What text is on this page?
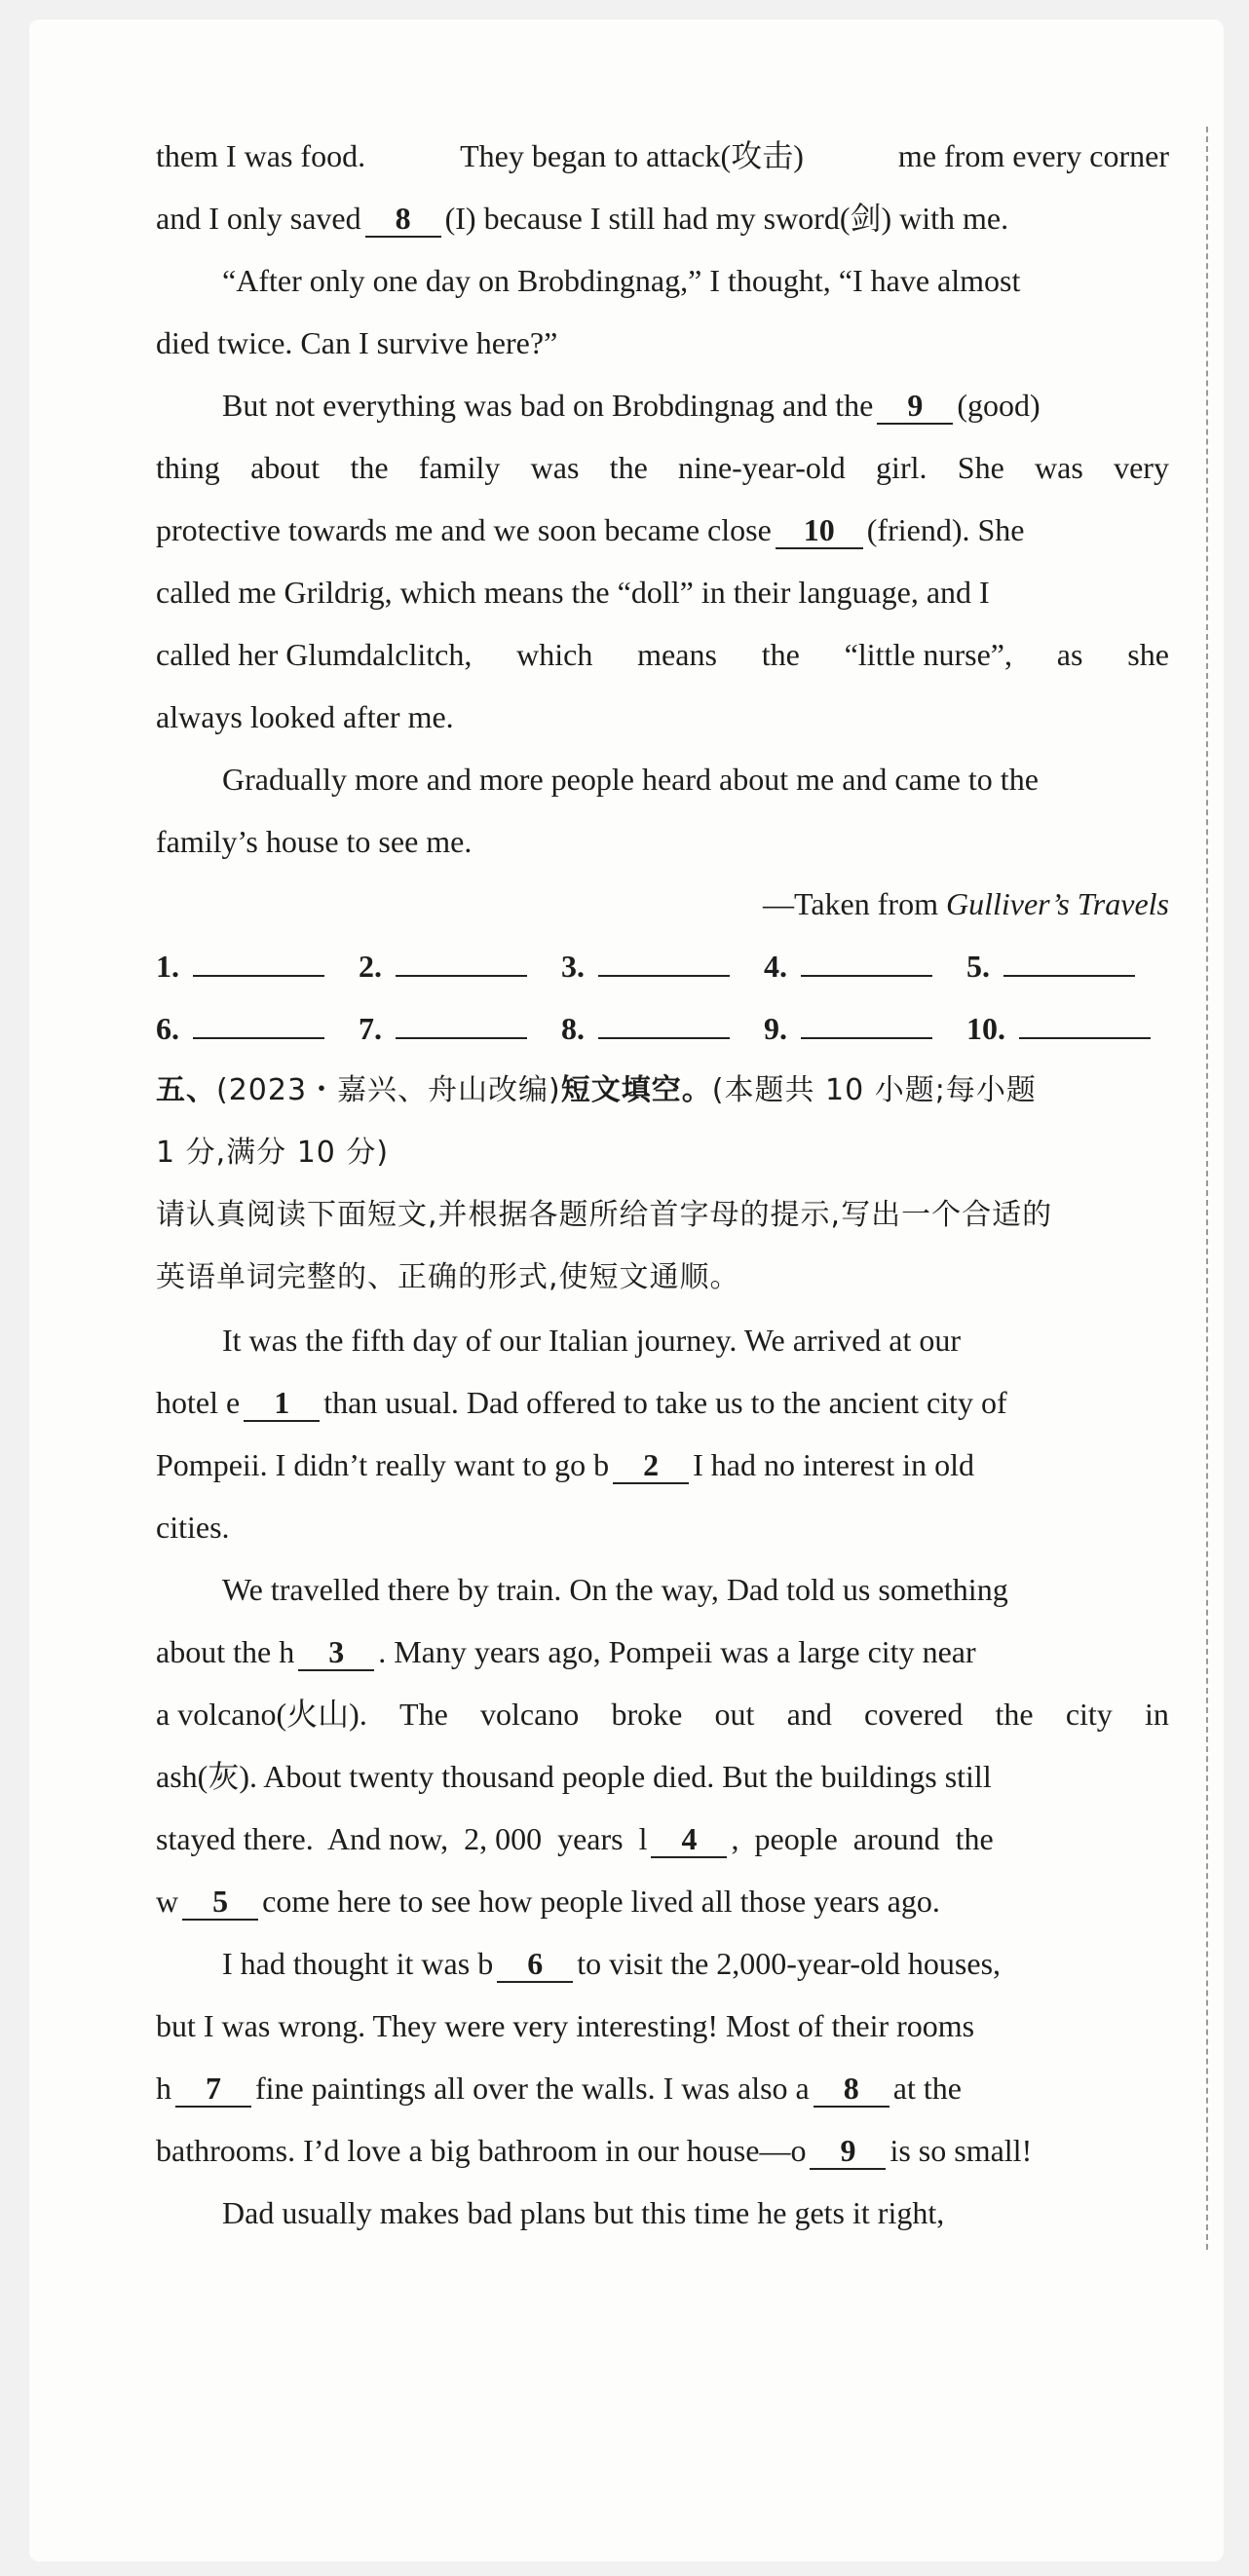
them I was food.	They began to attack(攻击)	me from every corner
and I only saved	8	(I) because I still had my sword(剑) with me.
“After only one day on Brobdingnag,” I thought, “I have almost
died twice. Can I survive here?”
But not everything was bad on Brobdingnag and the	9	(good)
thing about the family was the nine-year-old girl. She was very
protective towards me and we soon became close	10	(friend). She
called me Grildrig, which means the “doll” in their language, and I
called her Glumdalclitch, which means the “little nurse”, as she
always looked after me.
Gradually more and more people heard about me and came to the
family’s house to see me.
—Taken from
Gulliver’s Travels
1.	2.	3.	4.	5.
6.	7.	8.	9.	10.
五、(2023・嘉兴、舟山改编)短文填空。(本题共 10 小题;每小题
1 分,满分 10 分)
请认真阅读下面短文,并根据各题所给首字母的提示,写出一个合适的
英语单词完整的、正确的形式,使短文通顺。
It was the fifth day of our Italian journey. We arrived at our
hotel e	1	than usual. Dad offered to take us to the ancient city of
Pompeii. I didn’t really want to go b	2	I had no interest in old
cities.
We travelled there by train. On the way, Dad told us something
about the h	3	. Many years ago, Pompeii was a large city near
a volcano(火山). The volcano broke out and covered the city in
ash(灰). About twenty thousand people died. But the buildings still
stayed there.  And now,  2, 000  years  l	4	,  people  around  the
w	5	come here to see how people lived all those years ago.
I had thought it was b	6	to visit the 2,000-year-old houses,
but I was wrong. They were very interesting! Most of their rooms
h	7	fine paintings all over the walls. I was also a	8	at the
bathrooms. I’d love a big bathroom in our house—o	9	is so small!
Dad usually makes bad plans but this time he gets it right,
